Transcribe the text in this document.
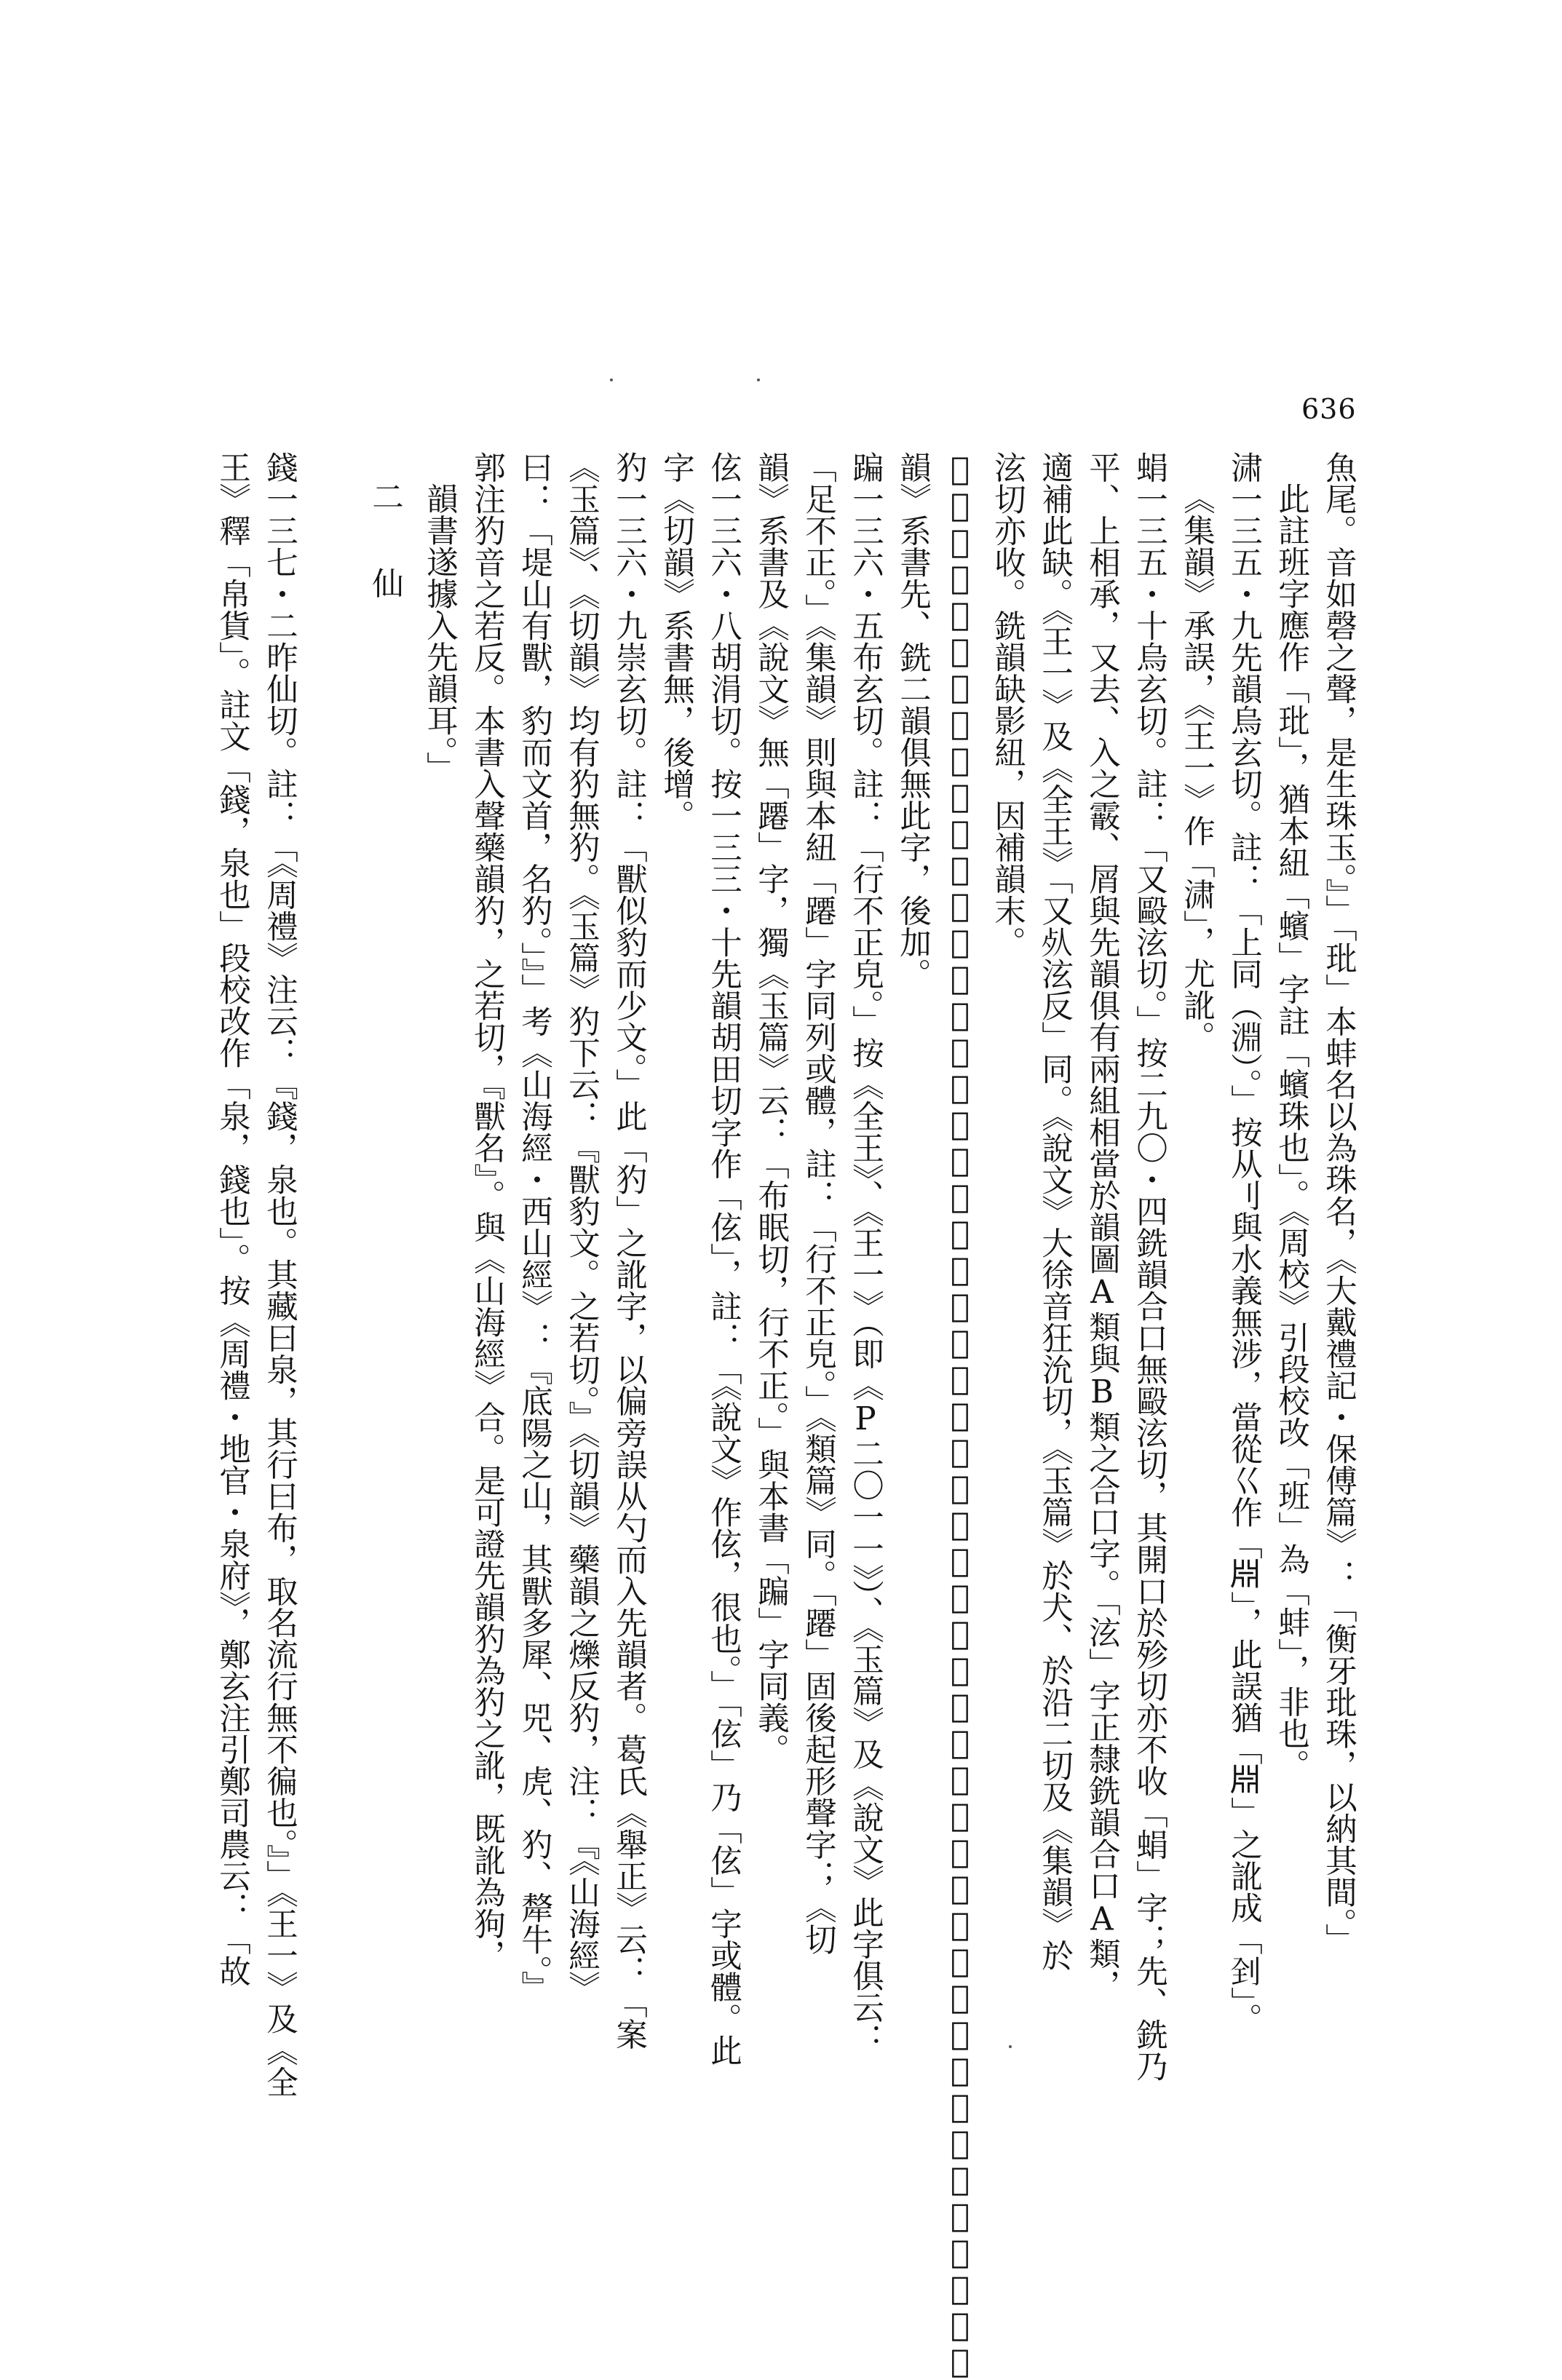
636
魚尾。音如磬之聲，是生珠玉。』」「玭」本蚌名以為珠名，《大戴禮記・保傅篇》：「衡牙玭珠，以納其間。」
此註班字應作「玭」，猶本紐「蠙」字註「蠙珠也」。《周校》引段校改「班」為「蚌」，非也。
㴋一三五・九先韻烏玄切。註：「上同（淵）。」按从刂與水義無涉，當從巜作「𣶒」，此誤猶「𣶒」之訛成「𠛮」。
《集韻》承誤，《王一》作「㴋」，尤訛。
蜎一三五・十烏玄切。註：「又毆泫切。」按二九〇・四銑韻合口無毆泫切，其開口於殄切亦不收「蜎」字；先、銑乃
平、上相承，又去、入之霰、屑與先韻俱有兩組相當於韻圖A類與B類之合口字。「泫」字正隸銑韻合口A類，
適補此缺。《王一》及《全王》「又𣦸泫反」同。《說文》大徐音狂沇切，《玉篇》於犬、於沿二切及《集韻》於
泫切亦收。銑韻缺影紐，因補韻末。
𥠖一三六・四布玄切。註：「又北典切。」按字見二八九・七銑韻方典切。布、方乃幫、非類隔，《集韻》補典切。《切
韻》系書先、銑二韻俱無此字，後加。
蹁一三六・五布玄切。註：「行不正皃。」按《全王》、《王一》（即《P二〇一一》）、《玉篇》及《說文》此字俱云：
「足不正。」《集韻》則與本紐「蹮」字同列或體，註：「行不正皃。」《類篇》同。「蹮」固後起形聲字；《切
韻》系書及《說文》無「蹮」字，獨《玉篇》云：「布眠切，行不正。」與本書「蹁」字同義。
伭一三六・八胡涓切。按一三三・十先韻胡田切字作「伭」，註：「《說文》作伭，很也。」「伭」乃「伭」字或體。此
字《切韻》系書無，後增。
犳一三六・九崇玄切。註：「獸似豹而少文。」此「犳」之訛字，以偏旁誤从勺而入先韻者。葛氏《舉正》云：「案
《玉篇》、《切韻》均有犳無犳。《玉篇》犳下云：『獸豹文。之若切。』《切韻》藥韻之爍反犳，注：『《山海經》
曰：「堤山有獸，豹而文首，名犳。」』」考《山海經・西山經》：『底陽之山，其獸多犀、兕、虎、犳、犛牛。』
郭注犳音之若反。本書入聲藥韻犳，之若切，『獸名』。與《山海經》合。是可證先韻犳為犳之訛，既訛為狗，
韻書遂據入先韻耳。」
二　仙
錢一三七・二昨仙切。註：「《周禮》注云：『錢，泉也。其藏曰泉，其行曰布，取名流行無不徧也。』」《王一》及《全
王》釋「帛貨」。註文「錢，泉也」段校改作「泉，錢也」。按《周禮・地官・泉府》，鄭玄注引鄭司農云：「故
